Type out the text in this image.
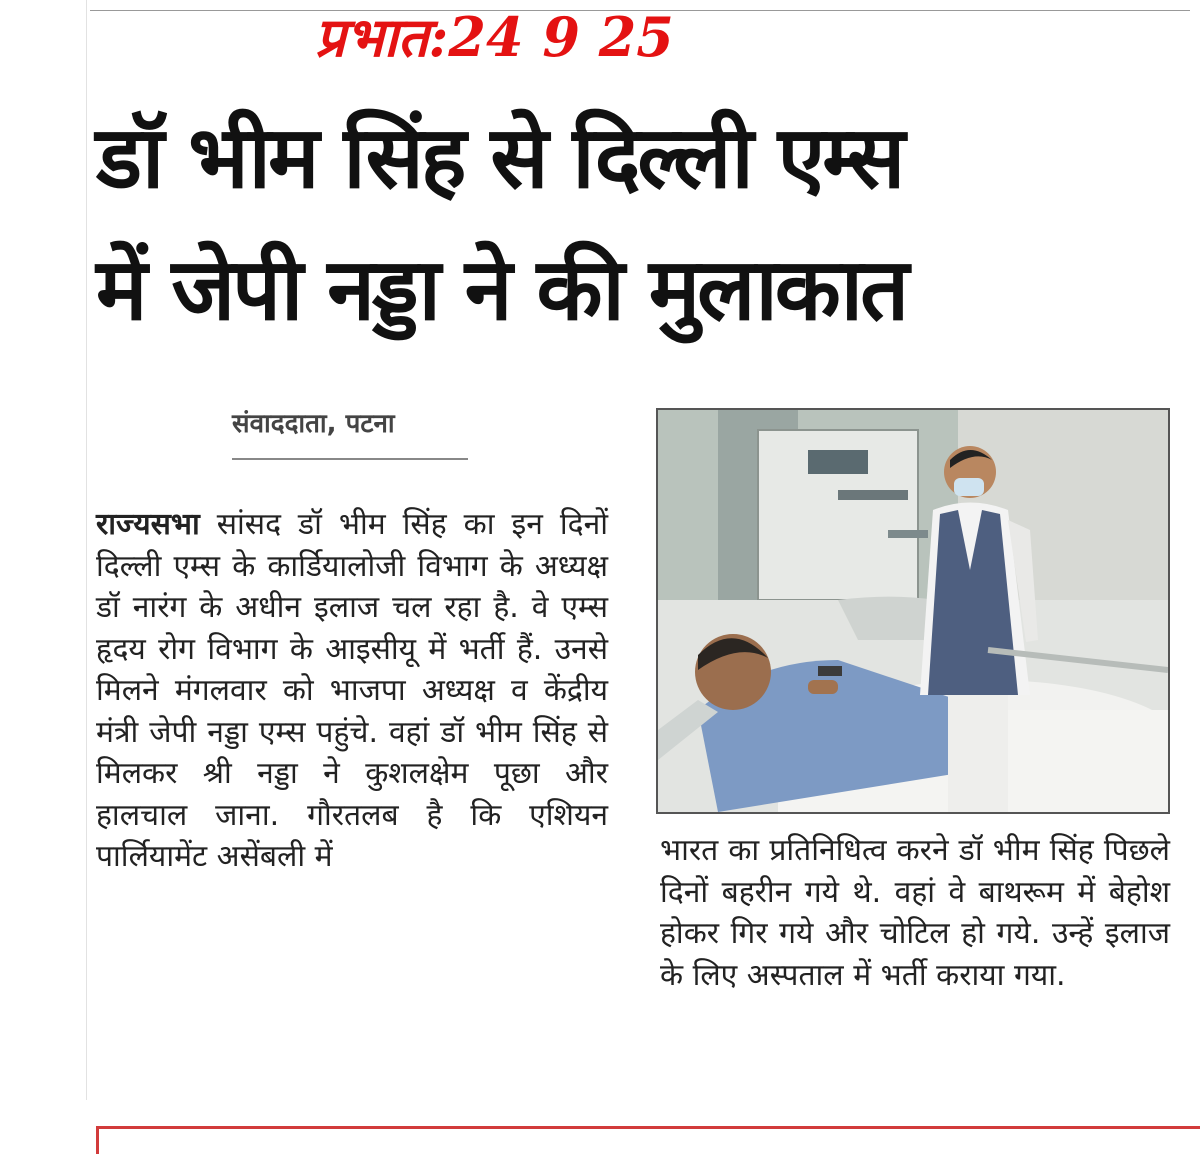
प्रभात:24 9 25
डॉ भीम सिंह से दिल्ली एम्स
में जेपी नड्डा ने की मुलाकात
संवाददाता, पटना
राज्यसभा सांसद डॉ भीम सिंह का इन दिनों दिल्ली एम्स के कार्डियालोजी विभाग के अध्यक्ष डॉ नारंग के अधीन इलाज चल रहा है. वे एम्स हृदय रोग विभाग के आइसीयू में भर्ती हैं. उनसे मिलने मंगलवार को भाजपा अध्यक्ष व केंद्रीय मंत्री जेपी नड्डा एम्स पहुंचे. वहां डॉ भीम सिंह से मिलकर श्री नड्डा ने कुशलक्षेम पूछा और हालचाल जाना. गौरतलब है कि एशियन पार्लियामेंट असेंबली में	भारत का प्रतिनिधित्व करने डॉ भीम सिंह पिछले दिनों बहरीन गये थे. वहां वे बाथरूम में बेहोश होकर गिर गये और चोटिल हो गये. उन्हें इलाज के लिए अस्पताल में भर्ती कराया गया.
